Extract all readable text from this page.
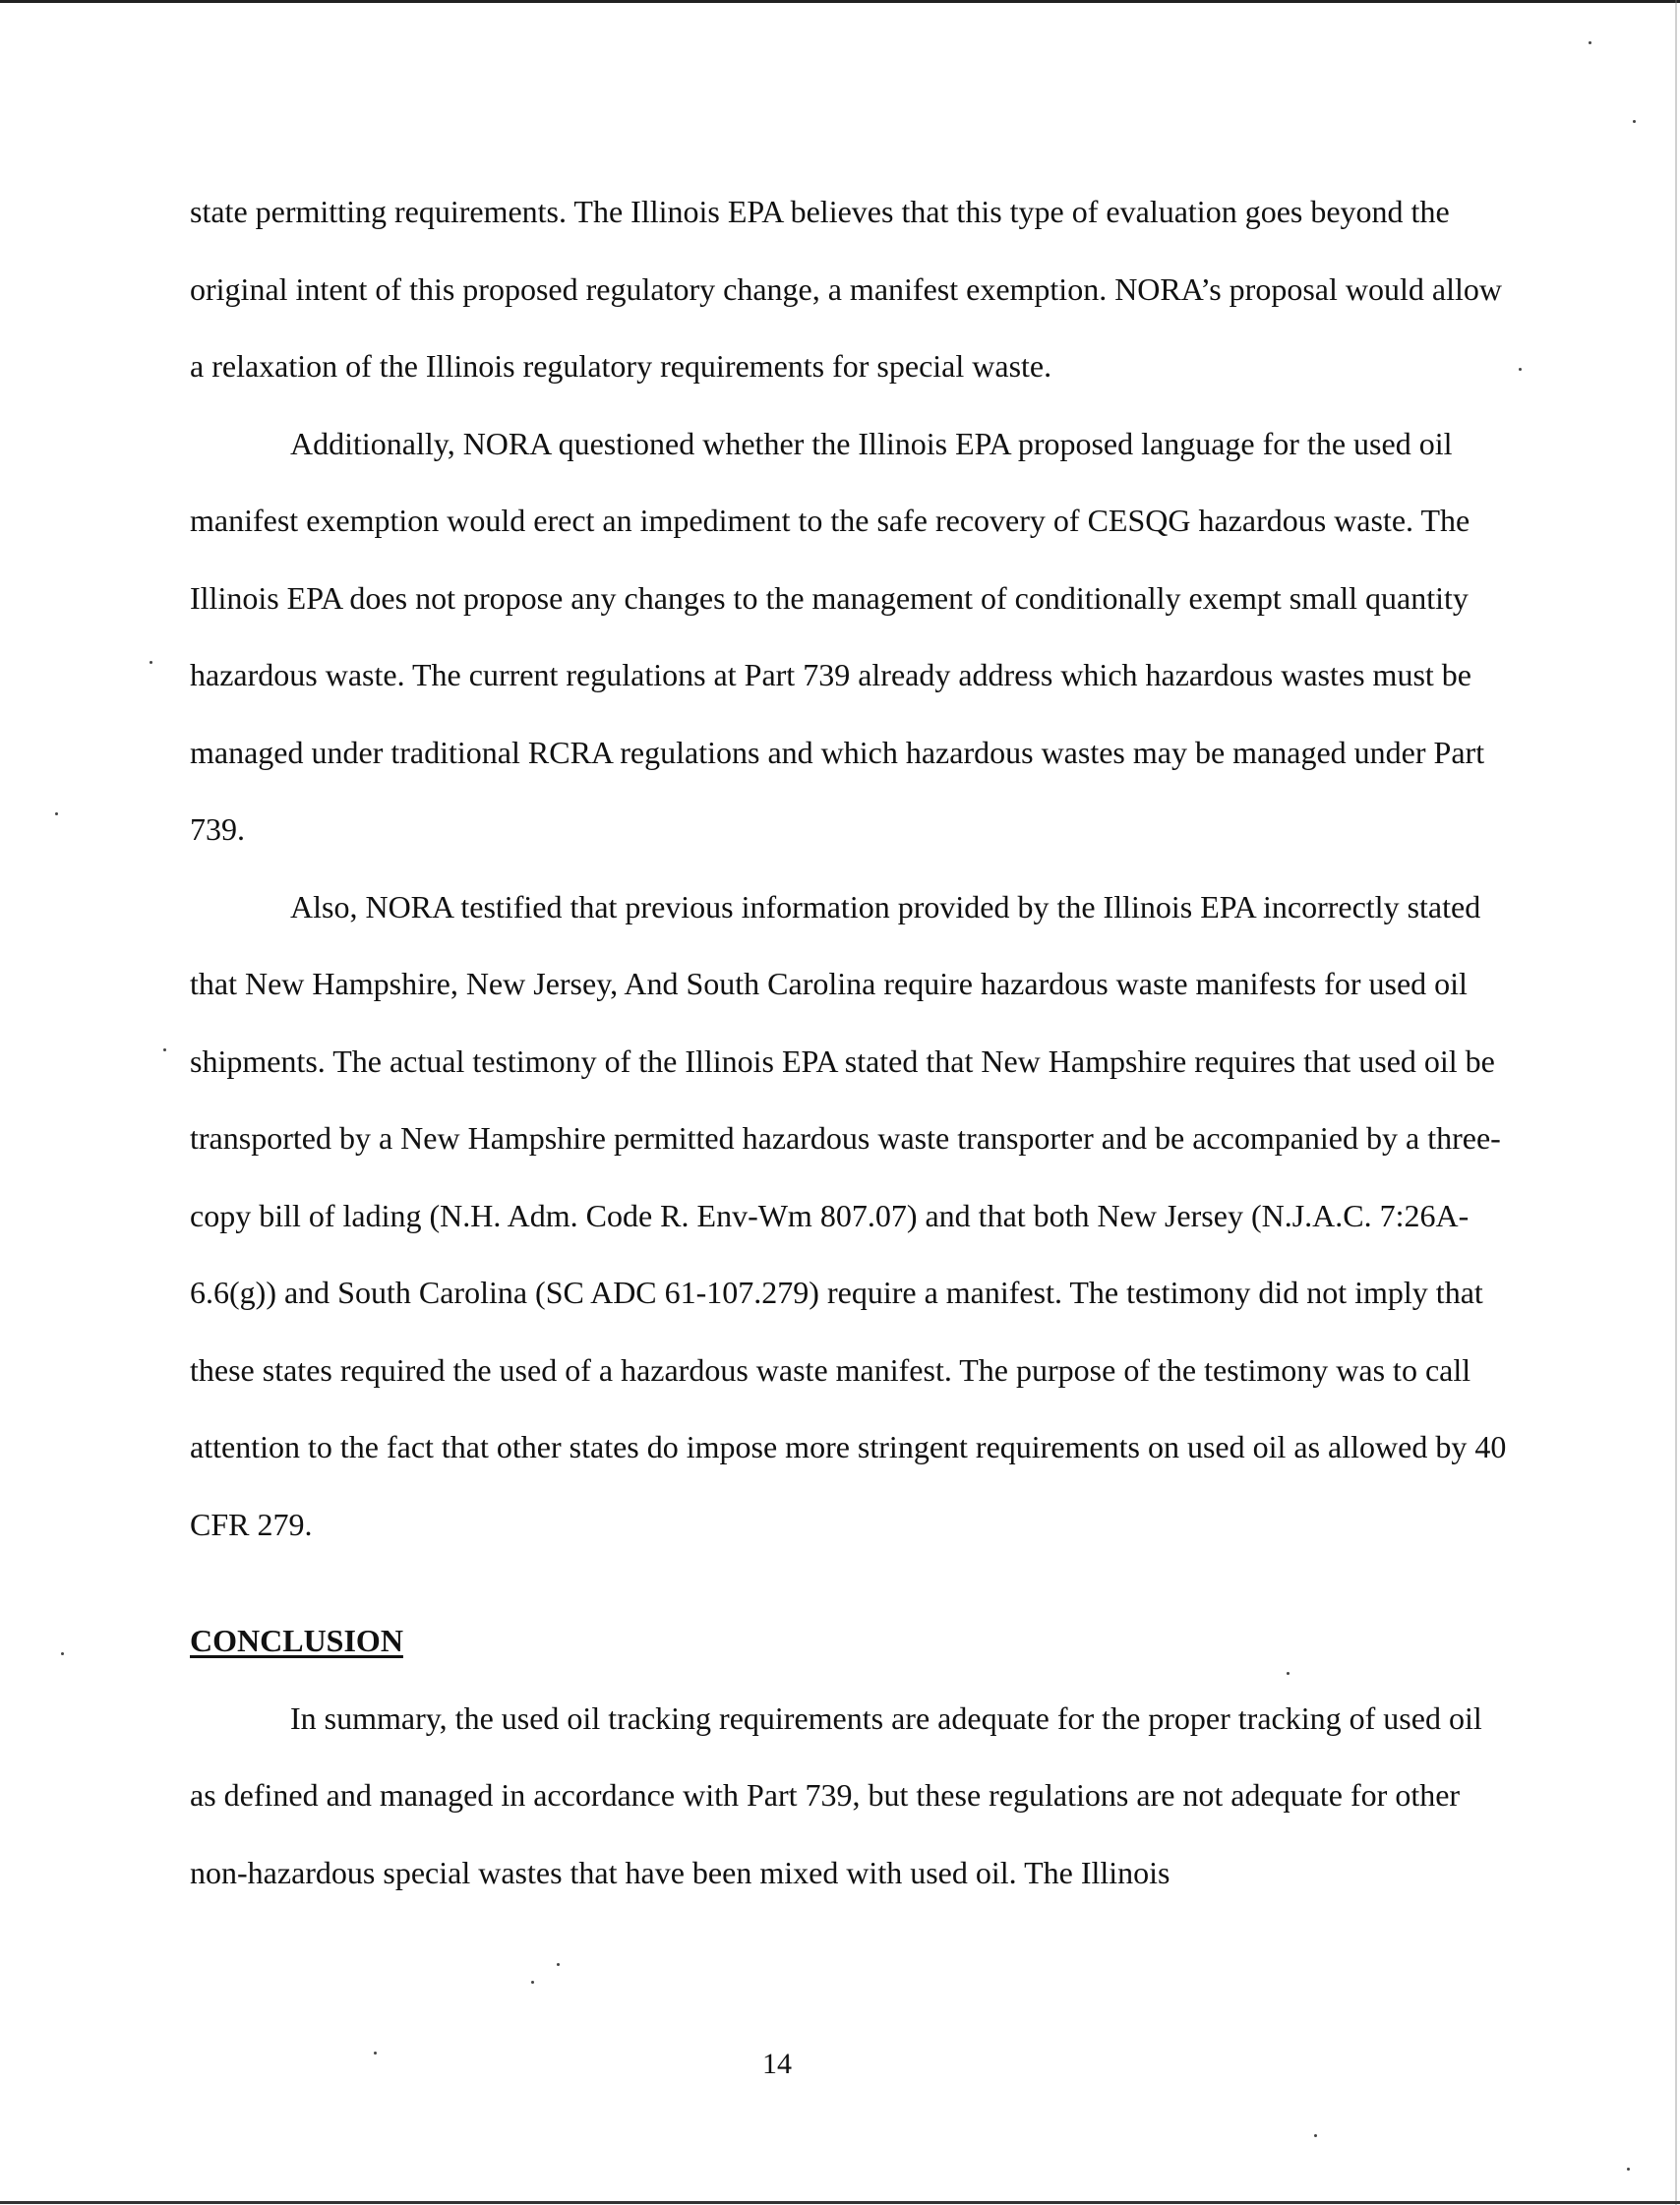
state permitting requirements. The Illinois EPA believes that this type of evaluation goes beyond the original intent of this proposed regulatory change, a manifest exemption. NORA’s proposal would allow a relaxation of the Illinois regulatory requirements for special waste.

Additionally, NORA questioned whether the Illinois EPA proposed language for the used oil manifest exemption would erect an impediment to the safe recovery of CESQG hazardous waste. The Illinois EPA does not propose any changes to the management of conditionally exempt small quantity hazardous waste. The current regulations at Part 739 already address which hazardous wastes must be managed under traditional RCRA regulations and which hazardous wastes may be managed under Part 739.

Also, NORA testified that previous information provided by the Illinois EPA incorrectly stated that New Hampshire, New Jersey, And South Carolina require hazardous waste manifests for used oil shipments. The actual testimony of the Illinois EPA stated that New Hampshire requires that used oil be transported by a New Hampshire permitted hazardous waste transporter and be accompanied by a three-copy bill of lading (N.H. Adm. Code R. Env-Wm 807.07) and that both New Jersey (N.J.A.C. 7:26A-6.6(g)) and South Carolina (SC ADC 61-107.279) require a manifest. The testimony did not imply that these states required the used of a hazardous waste manifest. The purpose of the testimony was to call attention to the fact that other states do impose more stringent requirements on used oil as allowed by 40 CFR 279.

CONCLUSION

In summary, the used oil tracking requirements are adequate for the proper tracking of used oil as defined and managed in accordance with Part 739, but these regulations are not adequate for other non-hazardous special wastes that have been mixed with used oil. The Illinois

14
